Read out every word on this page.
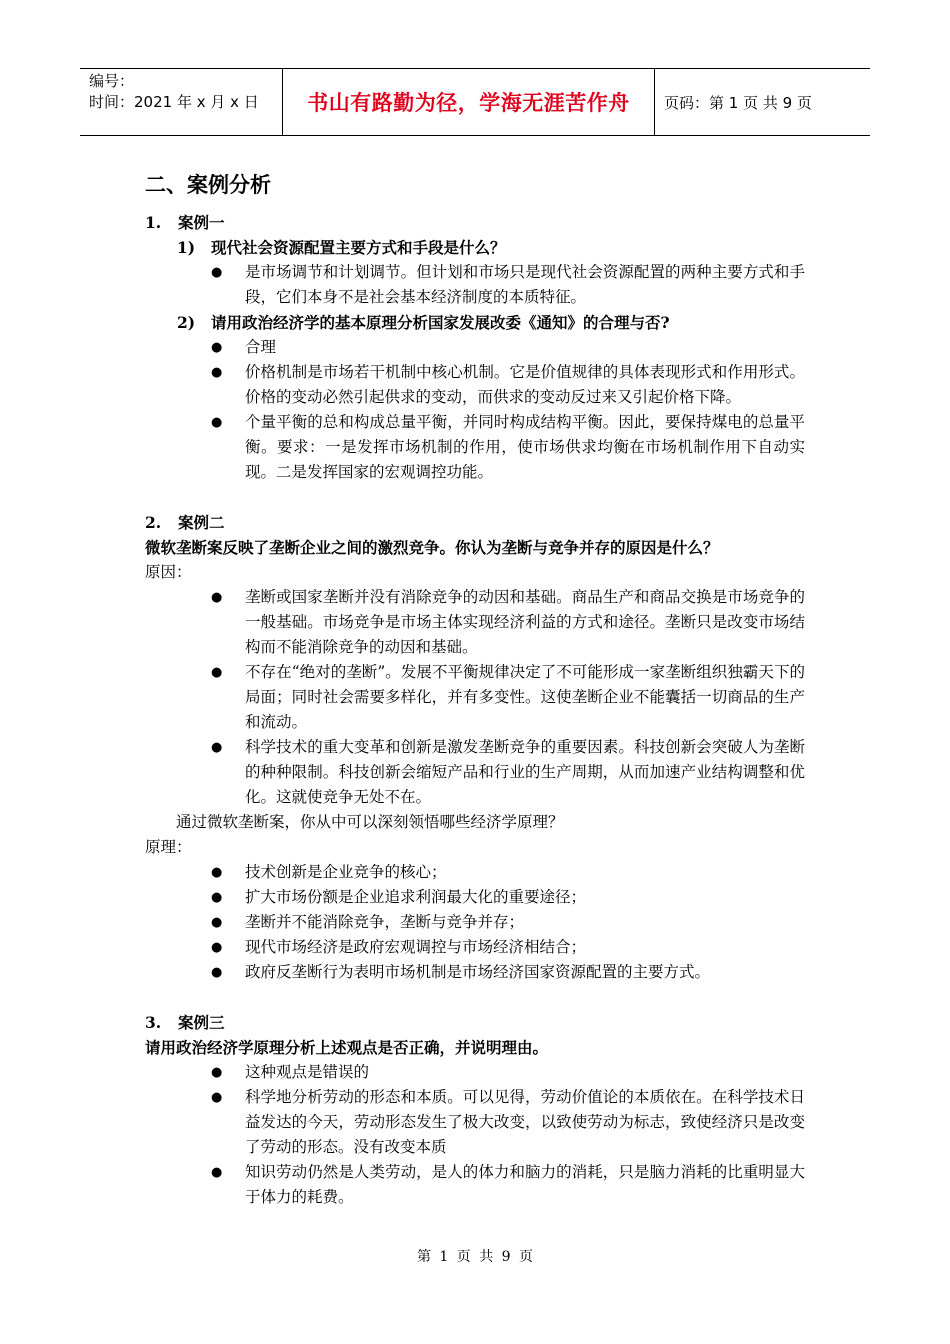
编号：
时间：2021 年 x 月 x 日	书山有路勤为径，学海无涯苦作舟	页码：第 1 页 共 9 页
二、案例分析
1.	案例一
1)	现代社会资源配置主要方式和手段是什么？
●	是市场调节和计划调节。但计划和市场只是现代社会资源配置的两种主要方式和手段，它们本身不是社会基本经济制度的本质特征。
2)	请用政治经济学的基本原理分析国家发展改委《通知》的合理与否?
●	合理
●	价格机制是市场若干机制中核心机制。它是价值规律的具体表现形式和作用形式。价格的变动必然引起供求的变动，而供求的变动反过来又引起价格下降。
●	个量平衡的总和构成总量平衡，并同时构成结构平衡。因此，要保持煤电的总量平衡。要求：一是发挥市场机制的作用，使市场供求均衡在市场机制作用下自动实现。二是发挥国家的宏观调控功能。
2.	案例二
微软垄断案反映了垄断企业之间的激烈竞争。你认为垄断与竞争并存的原因是什么？
原因：
●	垄断或国家垄断并没有消除竞争的动因和基础。商品生产和商品交换是市场竞争的一般基础。市场竞争是市场主体实现经济利益的方式和途径。垄断只是改变市场结构而不能消除竞争的动因和基础。
●	不存在“绝对的垄断”。发展不平衡规律决定了不可能形成一家垄断组织独霸天下的局面；同时社会需要多样化，并有多变性。这使垄断企业不能囊括一切商品的生产和流动。
●	科学技术的重大变革和创新是激发垄断竞争的重要因素。科技创新会突破人为垄断的种种限制。科技创新会缩短产品和行业的生产周期，从而加速产业结构调整和优化。这就使竞争无处不在。
通过微软垄断案，你从中可以深刻领悟哪些经济学原理？
原理：
●	技术创新是企业竞争的核心；
●	扩大市场份额是企业追求利润最大化的重要途径；
●	垄断并不能消除竞争，垄断与竞争并存；
●	现代市场经济是政府宏观调控与市场经济相结合；
●	政府反垄断行为表明市场机制是市场经济国家资源配置的主要方式。
3.	案例三
请用政治经济学原理分析上述观点是否正确，并说明理由。
●	这种观点是错误的
●	科学地分析劳动的形态和本质。可以见得，劳动价值论的本质依在。在科学技术日益发达的今天，劳动形态发生了极大改变，以致使劳动为标志，致使经济只是改变了劳动的形态。没有改变本质
●	知识劳动仍然是人类劳动，是人的体力和脑力的消耗，只是脑力消耗的比重明显大于体力的耗费。
第 1 页 共 9 页
